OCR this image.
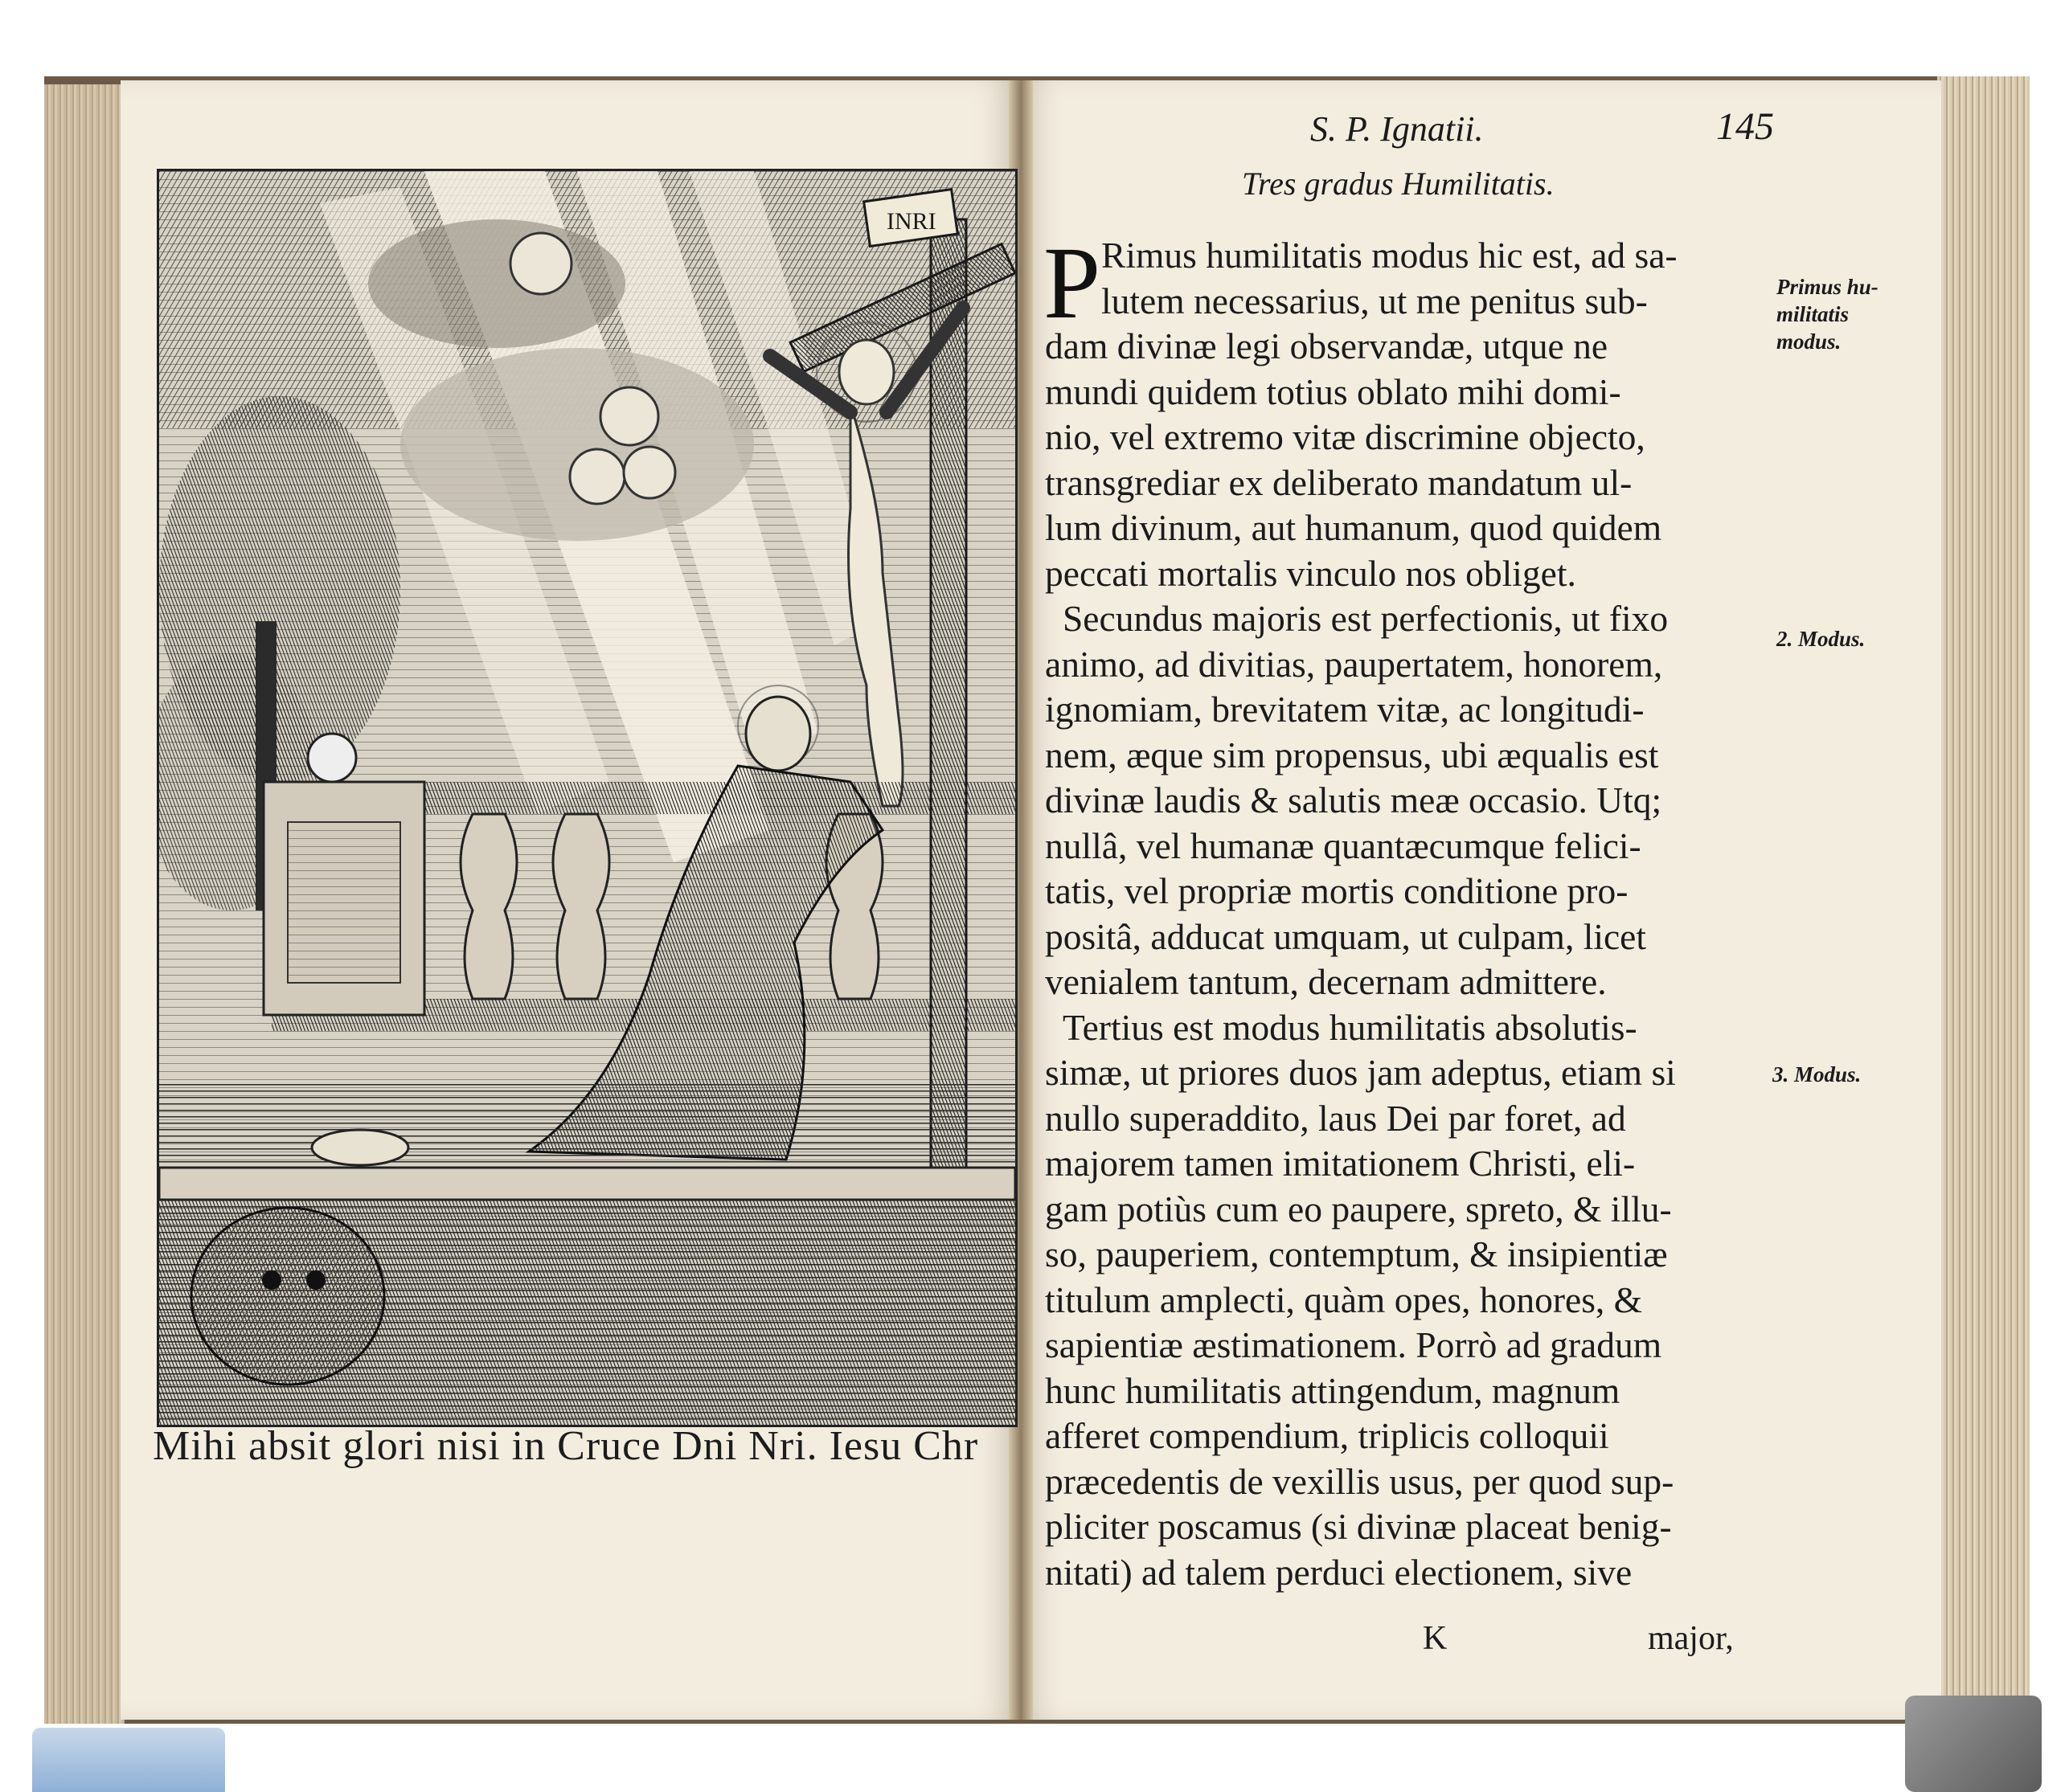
INRI
Mihi absit glori nisi in Cruce Dni Nri. Iesu Chr
S. P. Ignatii.	145
Tres gradus Humilitatis.
P Rimus humilitatis modus hic est, ad sa-
lutem necessarius, ut me penitus sub-
dam divinæ legi observandæ, utque ne
mundi quidem totius oblato mihi domi-
nio, vel extremo vitæ discrimine objecto,
transgrediar ex deliberato mandatum ul-
lum divinum, aut humanum, quod quidem
peccati mortalis vinculo nos obliget.
Secundus majoris est perfectionis, ut fixo
animo, ad divitias, paupertatem, honorem,
ignomiam, brevitatem vitæ, ac longitudi-
nem, æque sim propensus, ubi æqualis est
divinæ laudis & salutis meæ occasio. Utq;
nullâ, vel humanæ quantæcumque felici-
tatis, vel propriæ mortis conditione pro-
positâ, adducat umquam, ut culpam, licet
venialem tantum, decernam admittere.
Tertius est modus humilitatis absolutis-
simæ, ut priores duos jam adeptus, etiam si
nullo superaddito, laus Dei par foret, ad
majorem tamen imitationem Christi, eli-
gam potiùs cum eo paupere, spreto, & illu-
so, pauperiem, contemptum, & insipientiæ
titulum amplecti, quàm opes, honores, &
sapientiæ æstimationem. Porrò ad gradum
hunc humilitatis attingendum, magnum
afferet compendium, triplicis colloquii
præcedentis de vexillis usus, per quod sup-
pliciter poscamus (si divinæ placeat benig-
nitati) ad talem perduci electionem, sive
K	major,
Primus hu-
militatis
modus.
2. Modus.
3. Modus.
